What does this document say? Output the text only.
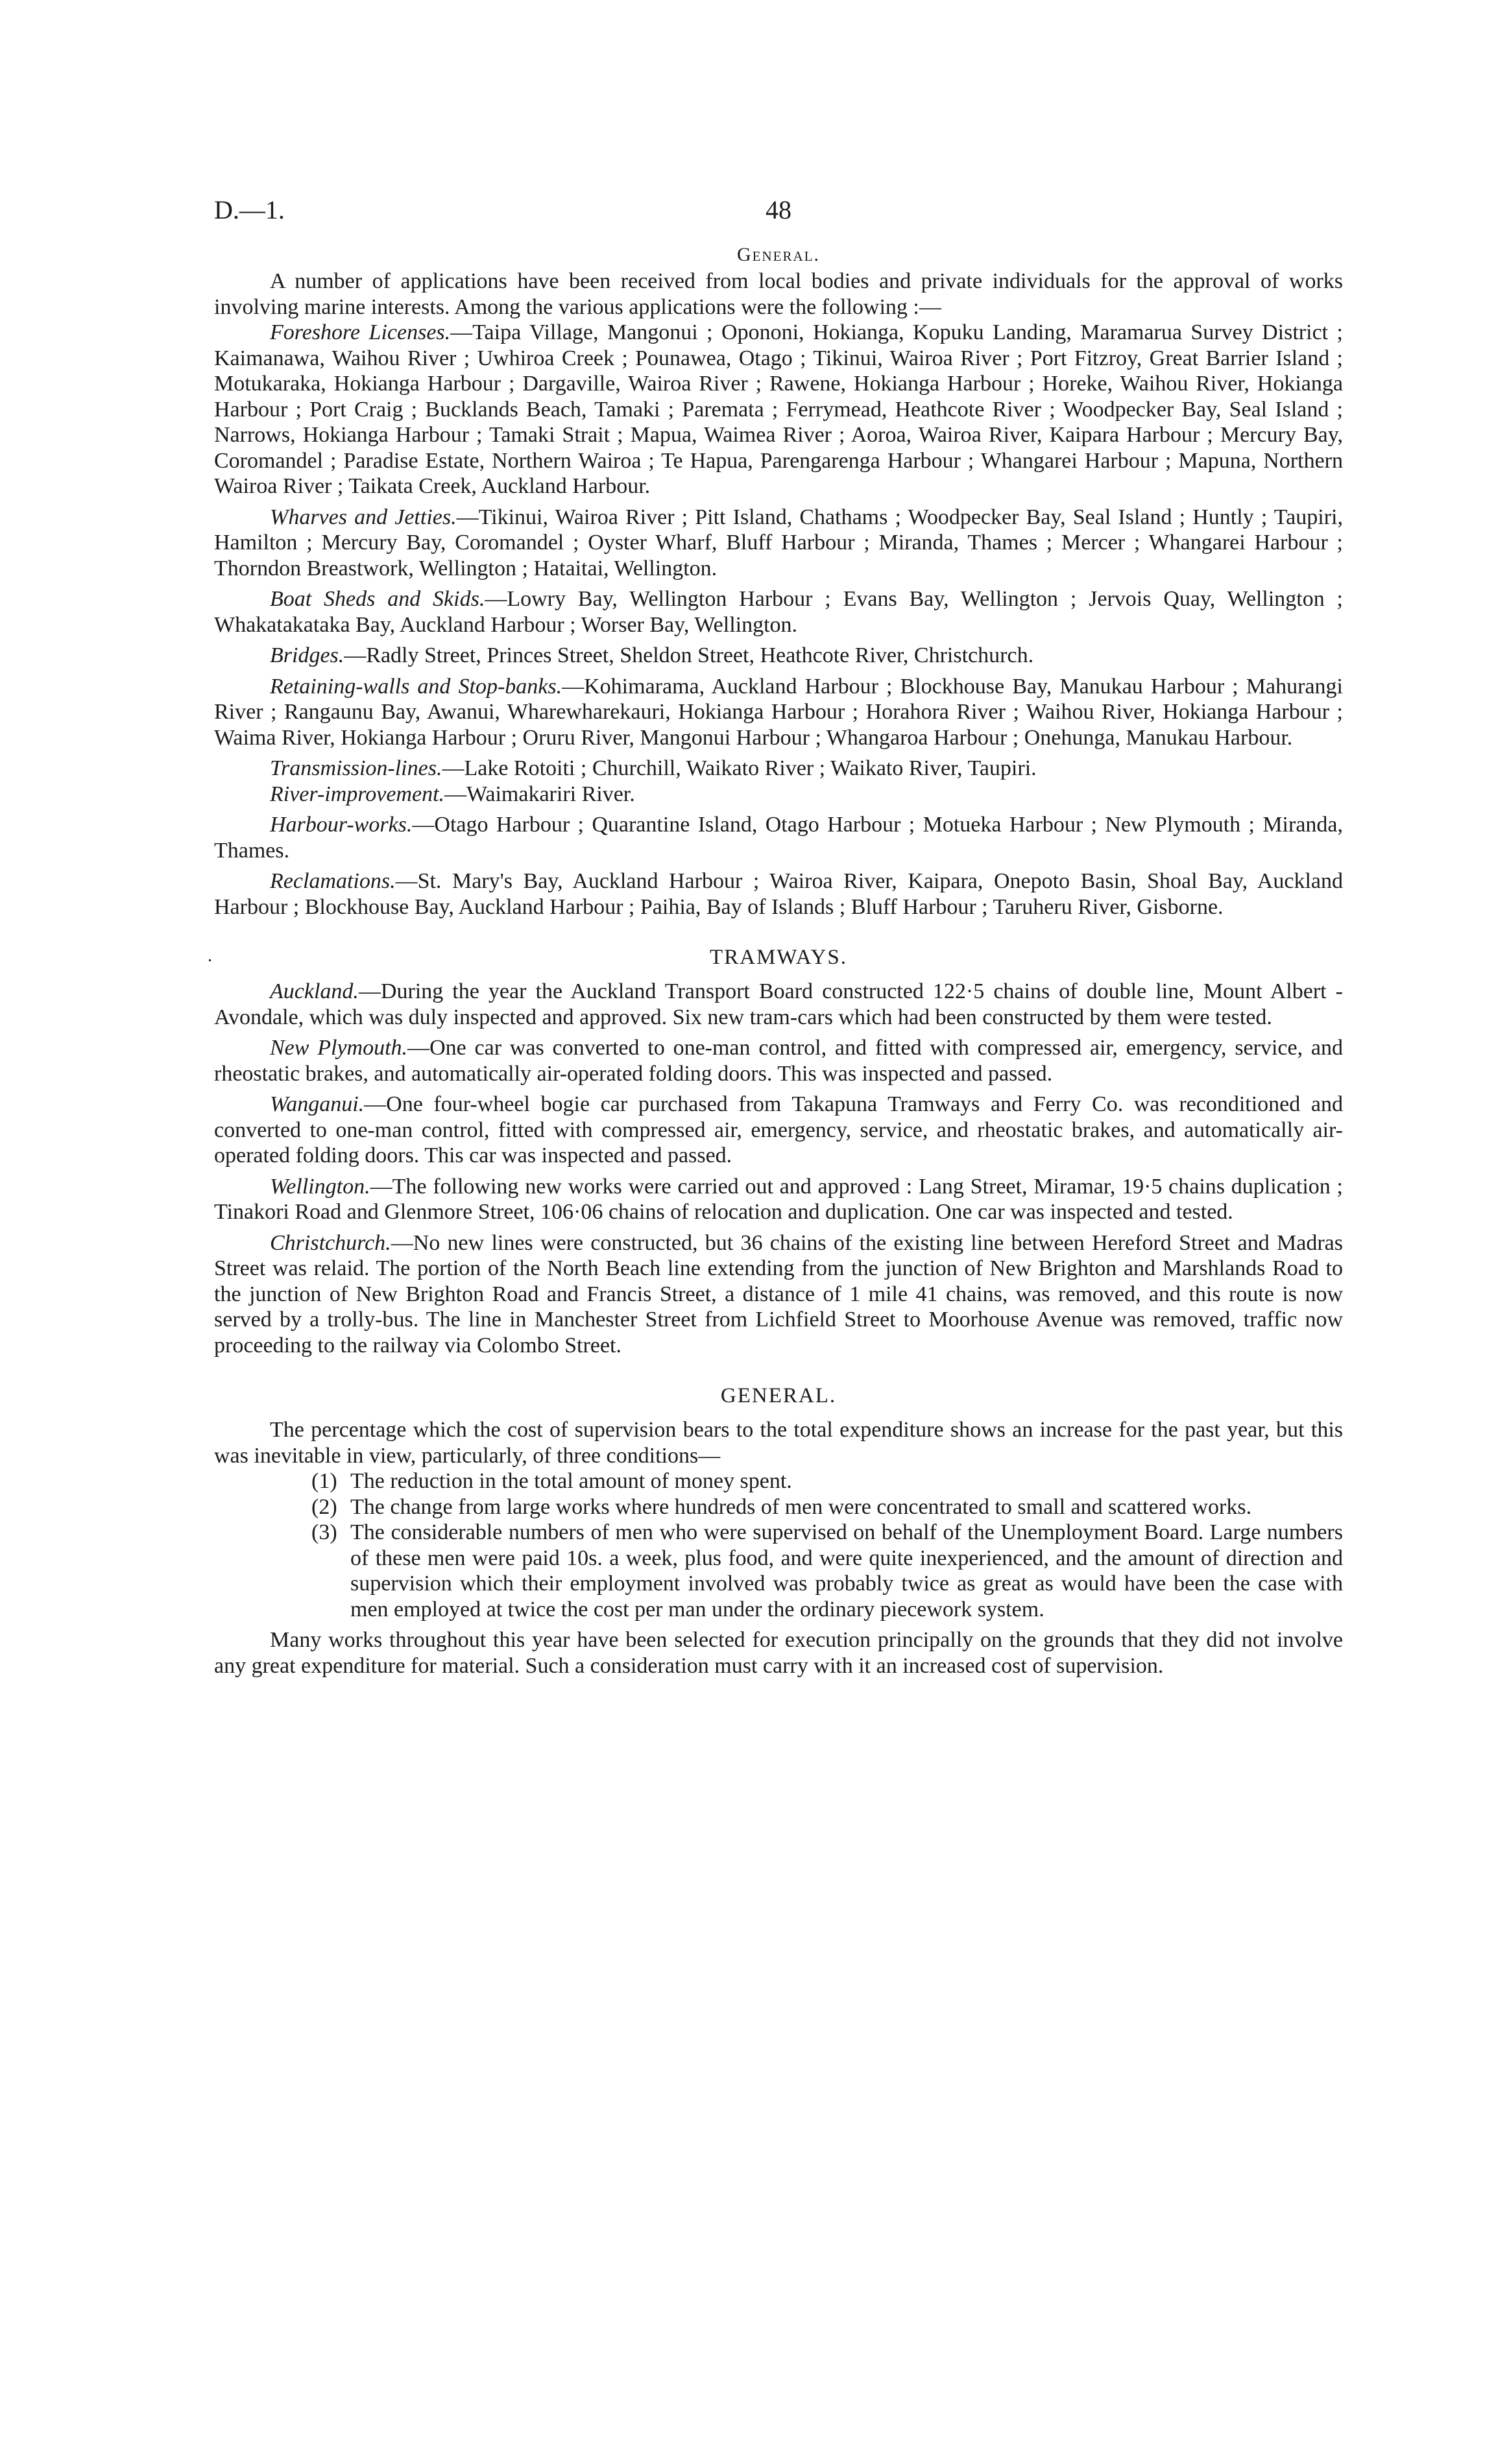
D.—1.	48
General.

A number of applications have been received from local bodies and private individuals for the approval of works involving marine interests. Among the various applications were the following :—

Foreshore Licenses.—Taipa Village, Mangonui ; Opononi, Hokianga, Kopuku Landing, Maramarua Survey District ; Kaimanawa, Waihou River ; Uwhiroa Creek ; Pounawea, Otago ; Tikinui, Wairoa River ; Port Fitzroy, Great Barrier Island ; Motukaraka, Hokianga Harbour ; Dargaville, Wairoa River ; Rawene, Hokianga Harbour ; Horeke, Waihou River, Hokianga Harbour ; Port Craig ; Bucklands Beach, Tamaki ; Paremata ; Ferrymead, Heathcote River ; Woodpecker Bay, Seal Island ; Narrows, Hokianga Harbour ; Tamaki Strait ; Mapua, Waimea River ; Aoroa, Wairoa River, Kaipara Harbour ; Mercury Bay, Coromandel ; Paradise Estate, Northern Wairoa ; Te Hapua, Parengarenga Harbour ; Whangarei Harbour ; Mapuna, Northern Wairoa River ; Taikata Creek, Auckland Harbour.

Wharves and Jetties.—Tikinui, Wairoa River ; Pitt Island, Chathams ; Woodpecker Bay, Seal Island ; Huntly ; Taupiri, Hamilton ; Mercury Bay, Coromandel ; Oyster Wharf, Bluff Harbour ; Miranda, Thames ; Mercer ; Whangarei Harbour ; Thorndon Breastwork, Wellington ; Hataitai, Wellington.

Boat Sheds and Skids.—Lowry Bay, Wellington Harbour ; Evans Bay, Wellington ; Jervois Quay, Wellington ; Whakatakataka Bay, Auckland Harbour ; Worser Bay, Wellington.

Bridges.—Radly Street, Princes Street, Sheldon Street, Heathcote River, Christchurch.

Retaining-walls and Stop-banks.—Kohimarama, Auckland Harbour ; Blockhouse Bay, Manukau Harbour ; Mahurangi River ; Rangaunu Bay, Awanui, Wharewharekauri, Hokianga Harbour ; Horahora River ; Waihou River, Hokianga Harbour ; Waima River, Hokianga Harbour ; Oruru River, Mangonui Harbour ; Whangaroa Harbour ; Onehunga, Manukau Harbour.

Transmission-lines.—Lake Rotoiti ; Churchill, Waikato River ; Waikato River, Taupiri.

River-improvement.—Waimakariri River.

Harbour-works.—Otago Harbour ; Quarantine Island, Otago Harbour ; Motueka Harbour ; New Plymouth ; Miranda, Thames.

Reclamations.—St. Mary's Bay, Auckland Harbour ; Wairoa River, Kaipara, Onepoto Basin, Shoal Bay, Auckland Harbour ; Blockhouse Bay, Auckland Harbour ; Paihia, Bay of Islands ; Bluff Harbour ; Taruheru River, Gisborne.

.	TRAMWAYS.

Auckland.—During the year the Auckland Transport Board constructed 122·5 chains of double line, Mount Albert - Avondale, which was duly inspected and approved. Six new tram-cars which had been constructed by them were tested.

New Plymouth.—One car was converted to one-man control, and fitted with compressed air, emergency, service, and rheostatic brakes, and automatically air-operated folding doors. This was inspected and passed.

Wanganui.—One four-wheel bogie car purchased from Takapuna Tramways and Ferry Co. was reconditioned and converted to one-man control, fitted with compressed air, emergency, service, and rheostatic brakes, and automatically air-operated folding doors. This car was inspected and passed.

Wellington.—The following new works were carried out and approved : Lang Street, Miramar, 19·5 chains duplication ; Tinakori Road and Glenmore Street, 106·06 chains of relocation and duplication. One car was inspected and tested.

Christchurch.—No new lines were constructed, but 36 chains of the existing line between Hereford Street and Madras Street was relaid. The portion of the North Beach line extending from the junction of New Brighton and Marshlands Road to the junction of New Brighton Road and Francis Street, a distance of 1 mile 41 chains, was removed, and this route is now served by a trolly-bus. The line in Manchester Street from Lichfield Street to Moorhouse Avenue was removed, traffic now proceeding to the railway via Colombo Street.

GENERAL.

The percentage which the cost of supervision bears to the total expenditure shows an increase for the past year, but this was inevitable in view, particularly, of three conditions—

(1) The reduction in the total amount of money spent.
(2) The change from large works where hundreds of men were concentrated to small and scattered works.
(3) The considerable numbers of men who were supervised on behalf of the Unemployment Board. Large numbers of these men were paid 10s. a week, plus food, and were quite inexperienced, and the amount of direction and supervision which their employment involved was probably twice as great as would have been the case with men employed at twice the cost per man under the ordinary piecework system.

Many works throughout this year have been selected for execution principally on the grounds that they did not involve any great expenditure for material. Such a consideration must carry with it an increased cost of supervision.
